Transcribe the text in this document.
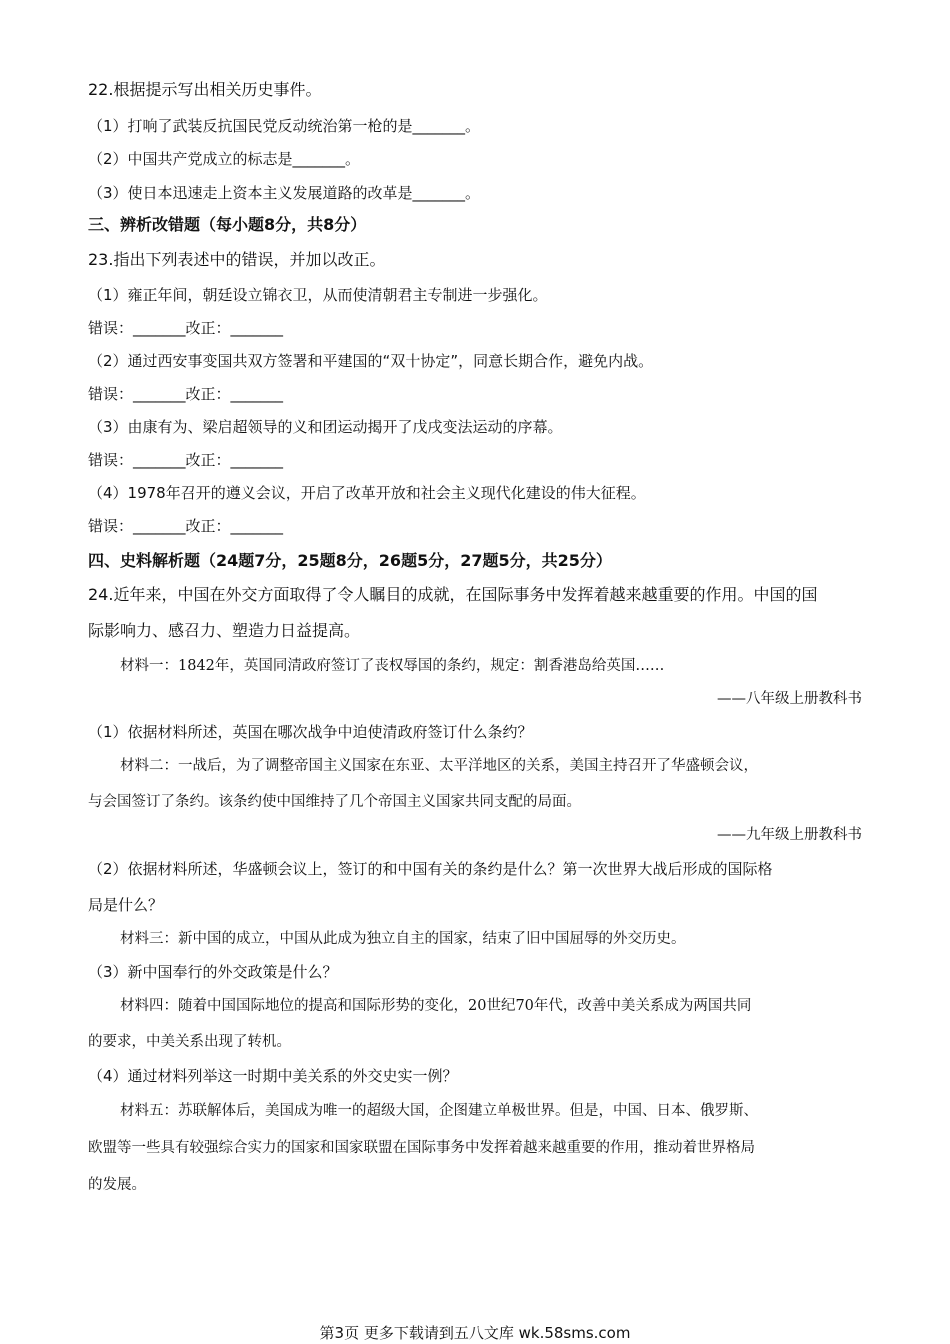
22.根据提示写出相关历史事件。
（1）打响了武装反抗国民党反动统治第一枪的是_______。
（2）中国共产党成立的标志是_______。
（3）使日本迅速走上资本主义发展道路的改革是_______。
三、辨析改错题（每小题8分，共8分）
23.指出下列表述中的错误，并加以改正。
（1）雍正年间，朝廷设立锦衣卫，从而使清朝君主专制进一步强化。
错误：_______改正：_______
（2）通过西安事变国共双方签署和平建国的“双十协定”，同意长期合作，避免内战。
错误：_______改正：_______
（3）由康有为、梁启超领导的义和团运动揭开了戊戌变法运动的序幕。
错误：_______改正：_______
（4）1978年召开的遵义会议，开启了改革开放和社会主义现代化建设的伟大征程。
错误：_______改正：_______
四、史料解析题（24题7分，25题8分，26题5分，27题5分，共25分）
24.近年来，中国在外交方面取得了令人瞩目的成就，在国际事务中发挥着越来越重要的作用。中国的国
际影响力、感召力、塑造力日益提高。
材料一：1842年，英国同清政府签订了丧权辱国的条约，规定：割香港岛给英国……
——八年级上册教科书
（1）依据材料所述，英国在哪次战争中迫使清政府签订什么条约？
材料二：一战后，为了调整帝国主义国家在东亚、太平洋地区的关系，美国主持召开了华盛顿会议，
与会国签订了条约。该条约使中国维持了几个帝国主义国家共同支配的局面。
——九年级上册教科书
（2）依据材料所述，华盛顿会议上，签订的和中国有关的条约是什么？第一次世界大战后形成的国际格
局是什么？
材料三：新中国的成立，中国从此成为独立自主的国家，结束了旧中国屈辱的外交历史。
（3）新中国奉行的外交政策是什么？
材料四：随着中国国际地位的提高和国际形势的变化，20世纪70年代，改善中美关系成为两国共同
的要求，中美关系出现了转机。
（4）通过材料列举这一时期中美关系的外交史实一例？
材料五：苏联解体后，美国成为唯一的超级大国，企图建立单极世界。但是，中国、日本、俄罗斯、
欧盟等一些具有较强综合实力的国家和国家联盟在国际事务中发挥着越来越重要的作用，推动着世界格局
的发展。
第3页 更多下载请到五八文库 wk.58sms.com
